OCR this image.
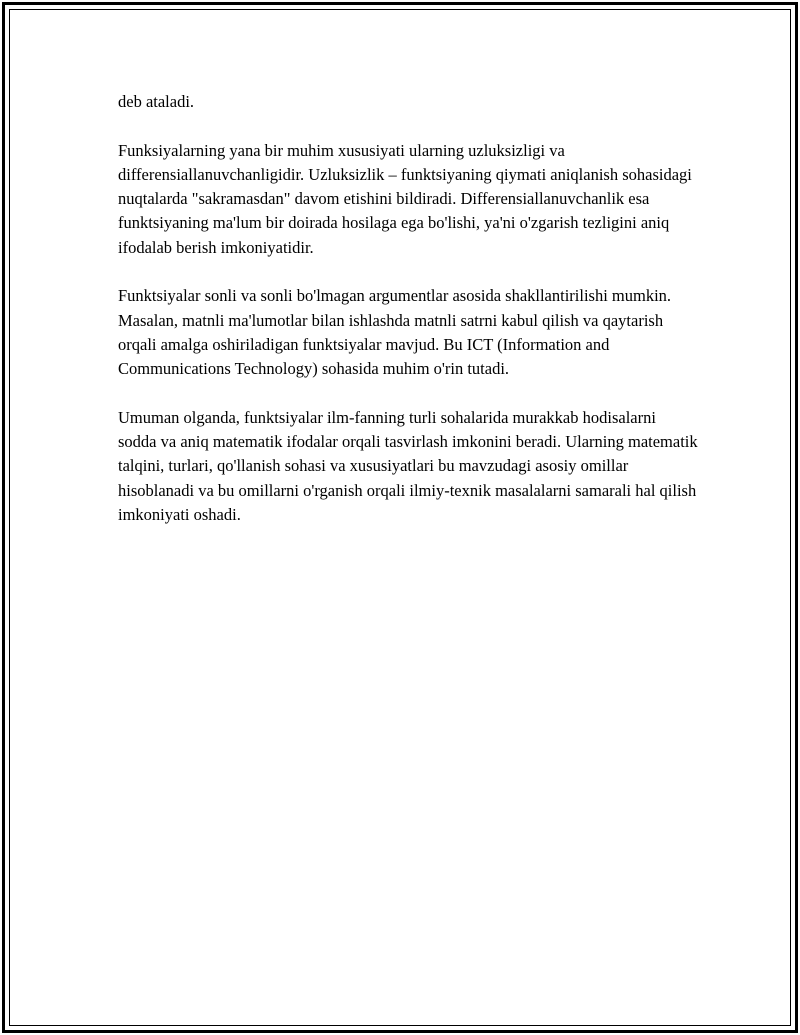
deb ataladi.

Funksiyalarning yana bir muhim xususiyati ularning uzluksizligi va differensiallanuvchanligidir. Uzluksizlik – funktsiyaning qiymati aniqlanish sohasidagi nuqtalarda "sakramasdan" davom etishini bildiradi. Differensiallanuvchanlik esa funktsiyaning ma'lum bir doirada hosilaga ega bo'lishi, ya'ni o'zgarish tezligini aniq ifodalab berish imkoniyatidir.

Funktsiyalar sonli va sonli bo'lmagan argumentlar asosida shakllantirilishi mumkin. Masalan, matnli ma'lumotlar bilan ishlashda matnli satrni kabul qilish va qaytarish orqali amalga oshiriladigan funktsiyalar mavjud. Bu ICT (Information and Communications Technology) sohasida muhim o'rin tutadi.

Umuman olganda, funktsiyalar ilm-fanning turli sohalarida murakkab hodisalarni sodda va aniq matematik ifodalar orqali tasvirlash imkonini beradi. Ularning matematik talqini, turlari, qo'llanish sohasi va xususiyatlari bu mavzudagi asosiy omillar hisoblanadi va bu omillarni o'rganish orqali ilmiy-texnik masalalarni samarali hal qilish imkoniyati oshadi.
